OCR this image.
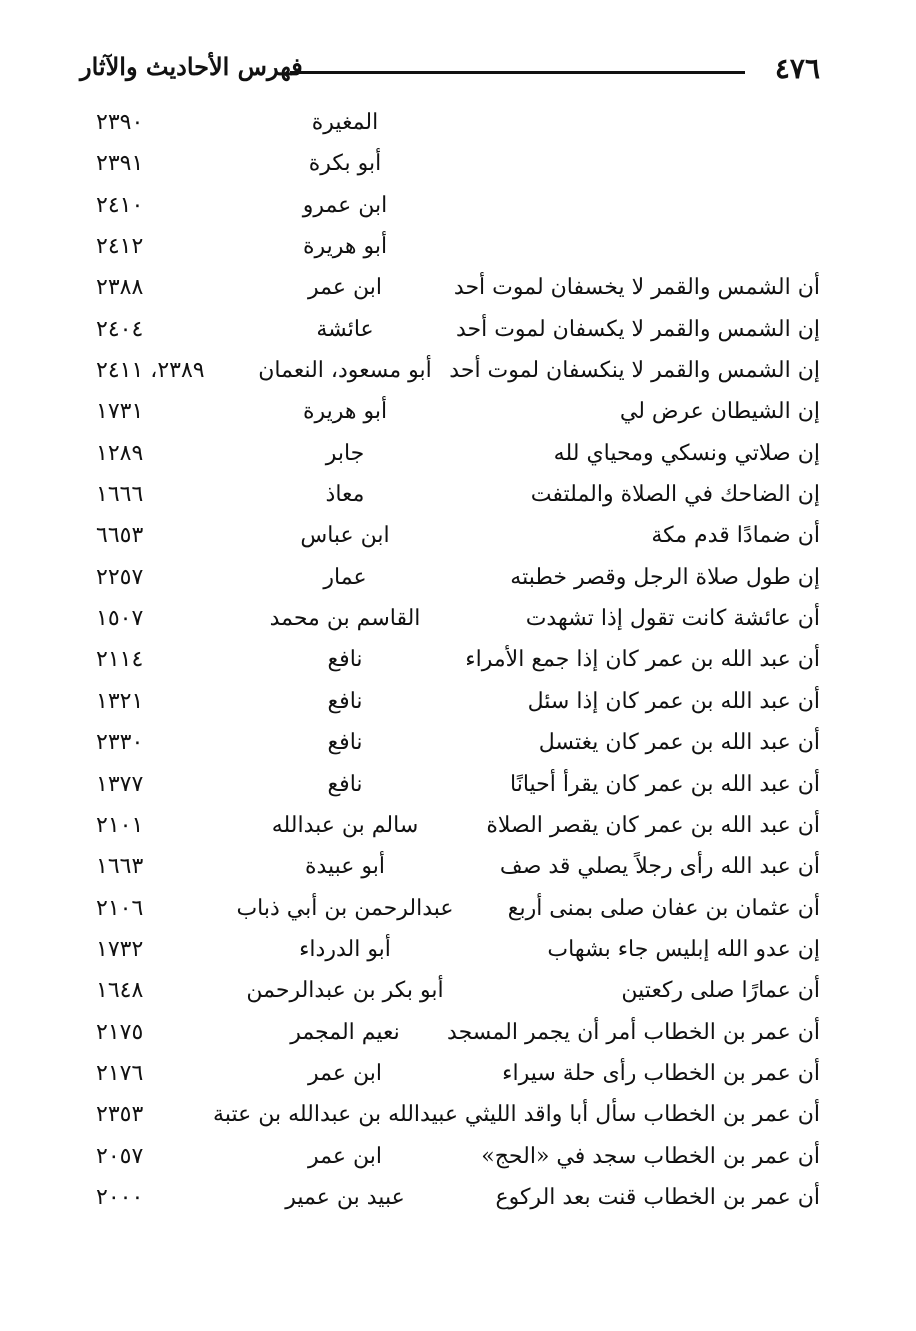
٤٧٦
فهرس الأحاديث والآثار
المغيرة
٢٣٩٠
أبو بكرة
٢٣٩١
ابن عمرو
٢٤١٠
أبو هريرة
٢٤١٢
أن الشمس والقمر لا يخسفان لموت أحد
ابن عمر
٢٣٨٨
إن الشمس والقمر لا يكسفان لموت أحد
عائشة
٢٤٠٤
إن الشمس والقمر لا ينكسفان لموت أحد
أبو مسعود، النعمان
٢٣٨٩، ٢٤١١
إن الشيطان عرض لي
أبو هريرة
١٧٣١
إن صلاتي ونسكي ومحياي لله
جابر
١٢٨٩
إن الضاحك في الصلاة والملتفت
معاذ
١٦٦٦
أن ضمادًا قدم مكة
ابن عباس
٦٦٥٣
إن طول صلاة الرجل وقصر خطبته
عمار
٢٢٥٧
أن عائشة كانت تقول إذا تشهدت
القاسم بن محمد
١٥٠٧
أن عبد الله بن عمر كان إذا جمع الأمراء
نافع
٢١١٤
أن عبد الله بن عمر كان إذا سئل
نافع
١٣٢١
أن عبد الله بن عمر كان يغتسل
نافع
٢٣٣٠
أن عبد الله بن عمر كان يقرأ أحيانًا
نافع
١٣٧٧
أن عبد الله بن عمر كان يقصر الصلاة
سالم بن عبدالله
٢١٠١
أن عبد الله رأى رجلاً يصلي قد صف
أبو عبيدة
١٦٦٣
أن عثمان بن عفان صلى بمنى أربع
عبدالرحمن بن أبي ذباب
٢١٠٦
إن عدو الله إبليس جاء بشهاب
أبو الدرداء
١٧٣٢
أن عمارًا صلى ركعتين
أبو بكر بن عبدالرحمن
١٦٤٨
أن عمر بن الخطاب أمر أن يجمر المسجد
نعيم المجمر
٢١٧٥
أن عمر بن الخطاب رأى حلة سيراء
ابن عمر
٢١٧٦
أن عمر بن الخطاب سأل أبا واقد الليثي
عبيدالله بن عبدالله بن عتبة
٢٣٥٣
أن عمر بن الخطاب سجد في «الحج»
ابن عمر
٢٠٥٧
أن عمر بن الخطاب قنت بعد الركوع
عبيد بن عمير
٢٠٠٠
